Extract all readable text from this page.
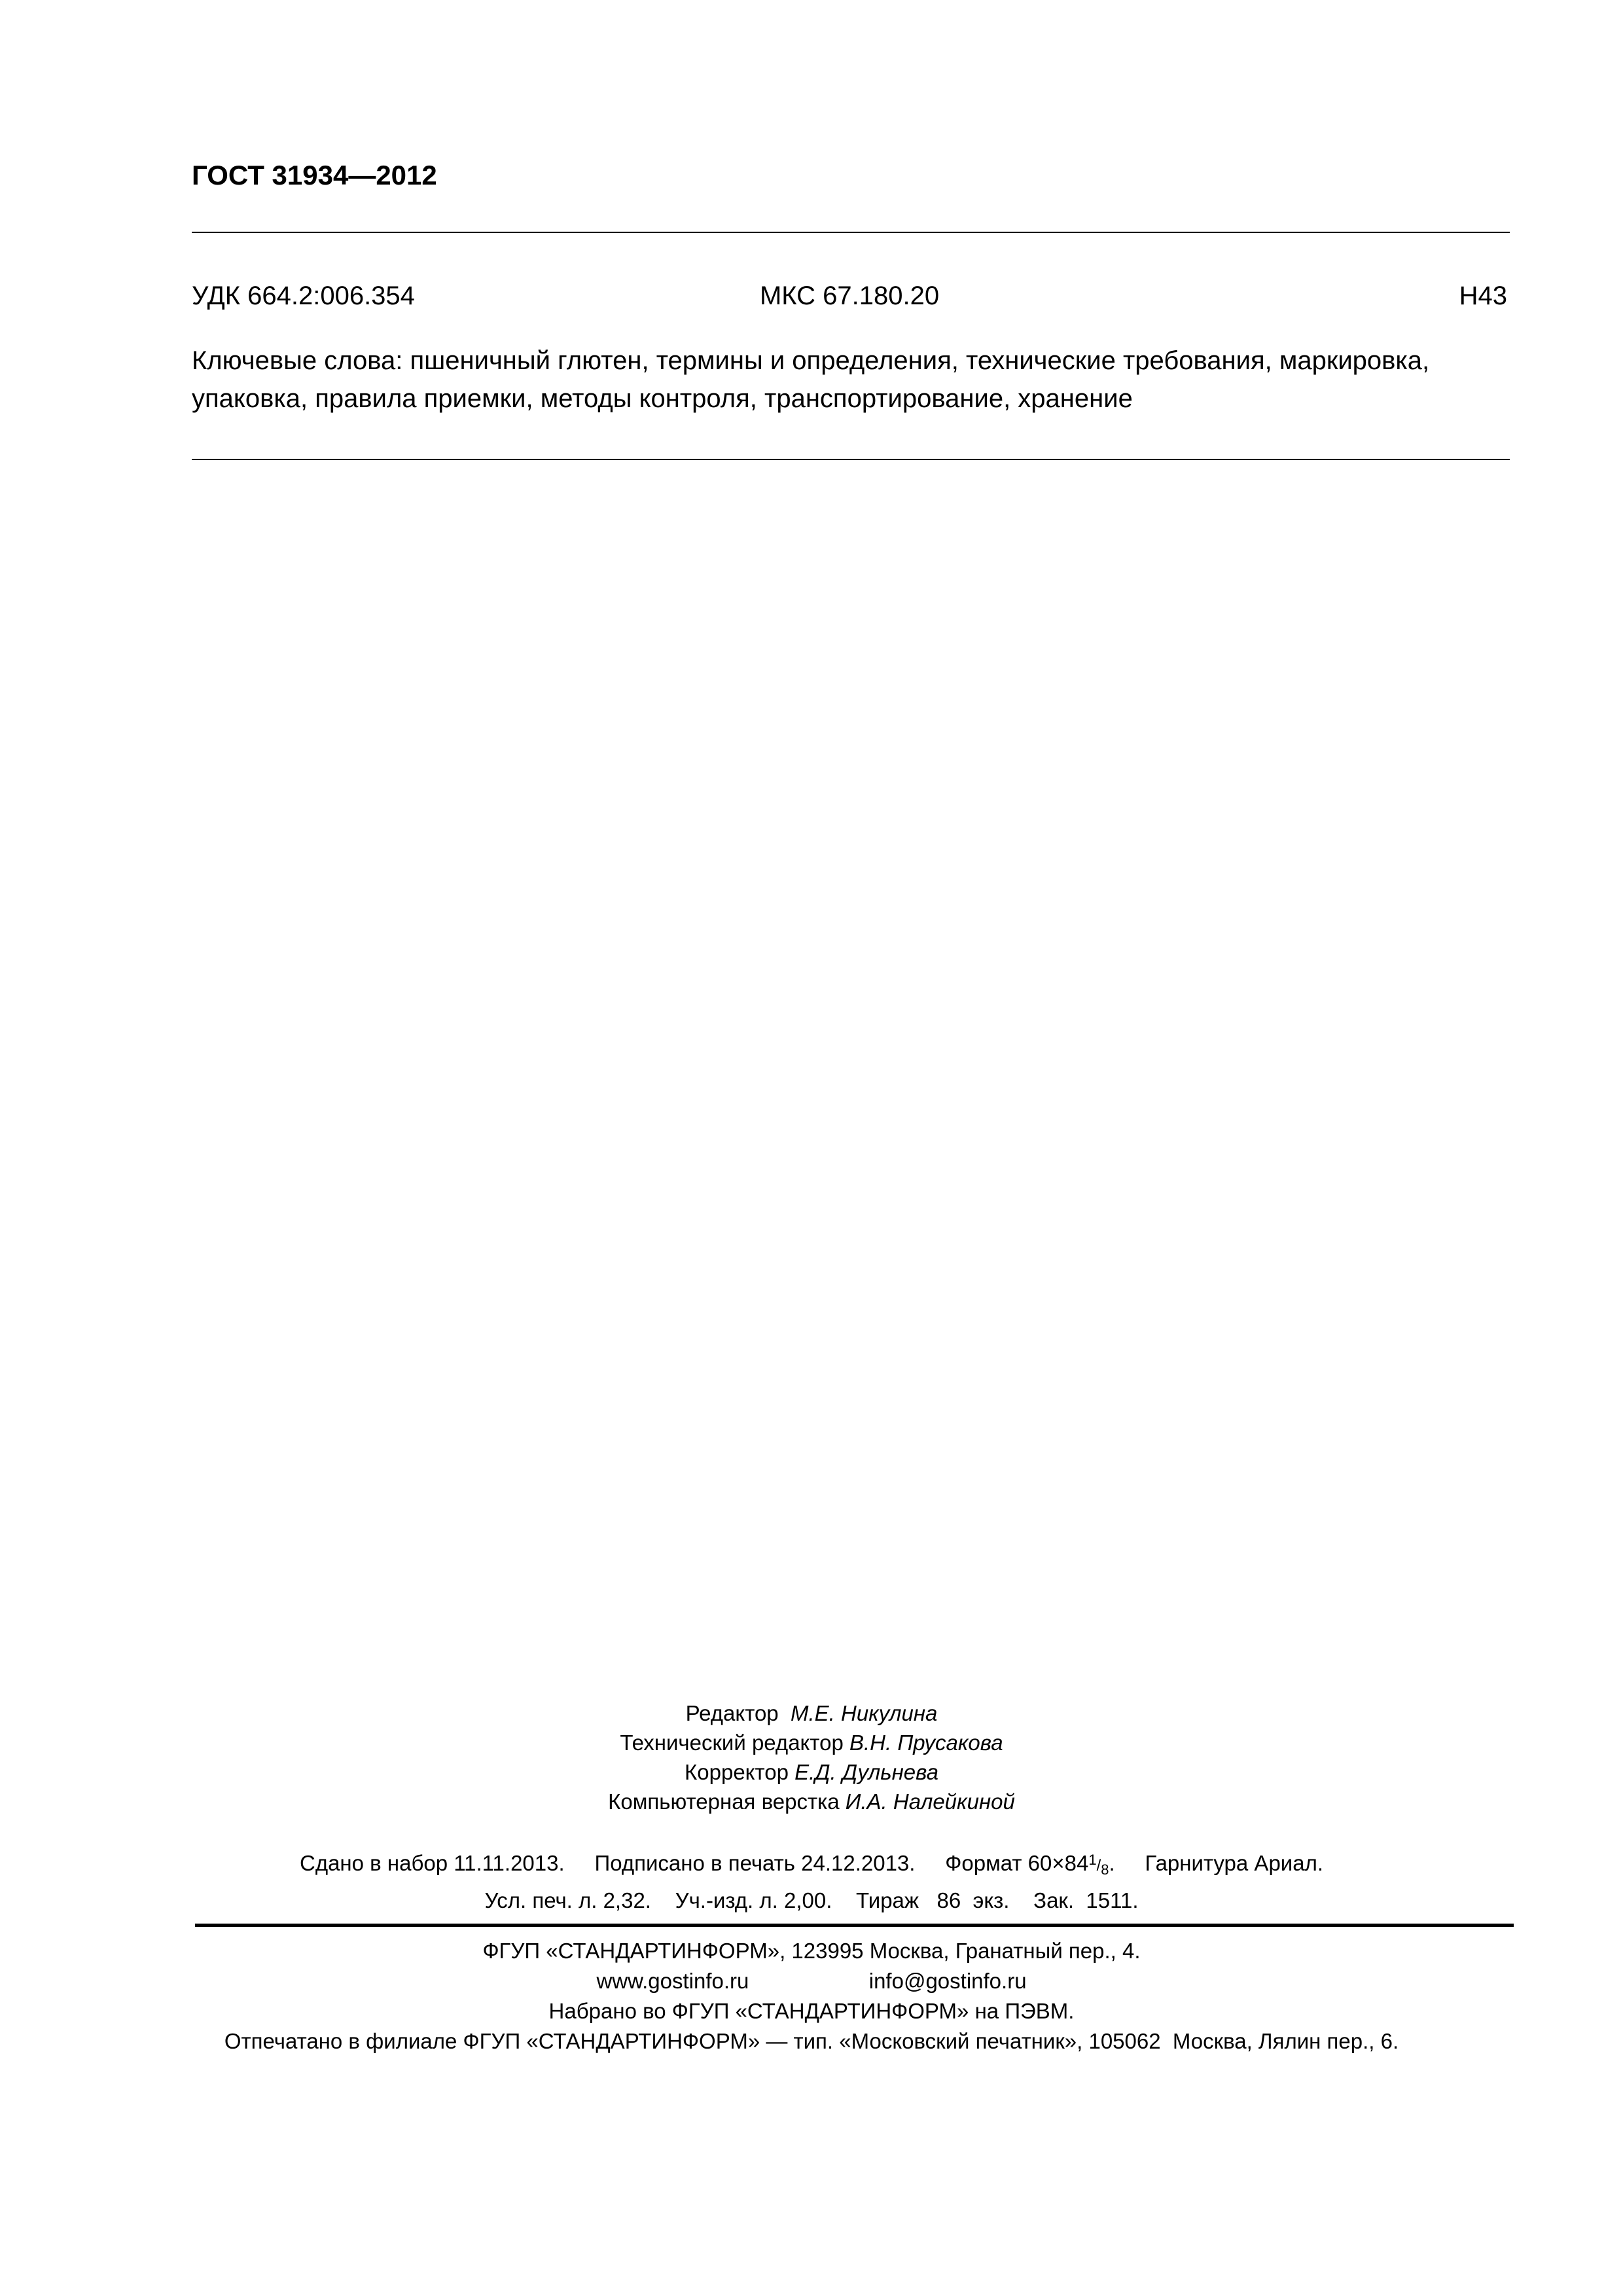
ГОСТ 31934—2012
УДК 664.2:006.354	МКС 67.180.20	Н43
Ключевые слова: пшеничный глютен, термины и определения, технические требования, маркировка,
упаковка, правила приемки, методы контроля, транспортирование, хранение
Редактор М.Е. Никулина
Технический редактор В.Н. Прусакова
Корректор Е.Д. Дульнева
Компьютерная верстка И.А. Налейкиной
Сдано в набор 11.11.2013.     Подписано в печать 24.12.2013.     Формат $60\times 84^1/_8$.     Гарнитура Ариал.
Усл. печ. л. 2,32.    Уч.-изд. л. 2,00.    Тираж   86  экз.    Зак.  1511.
ФГУП «СТАНДАРТИНФОРМ», 123995 Москва, Гранатный пер., 4.
www.gostinfo.ru	info@gostinfo.ru
Набрано во ФГУП «СТАНДАРТИНФОРМ» на ПЭВМ.
Отпечатано в филиале ФГУП «СТАНДАРТИНФОРМ» — тип. «Московский печатник», 105062  Москва, Лялин пер., 6.
